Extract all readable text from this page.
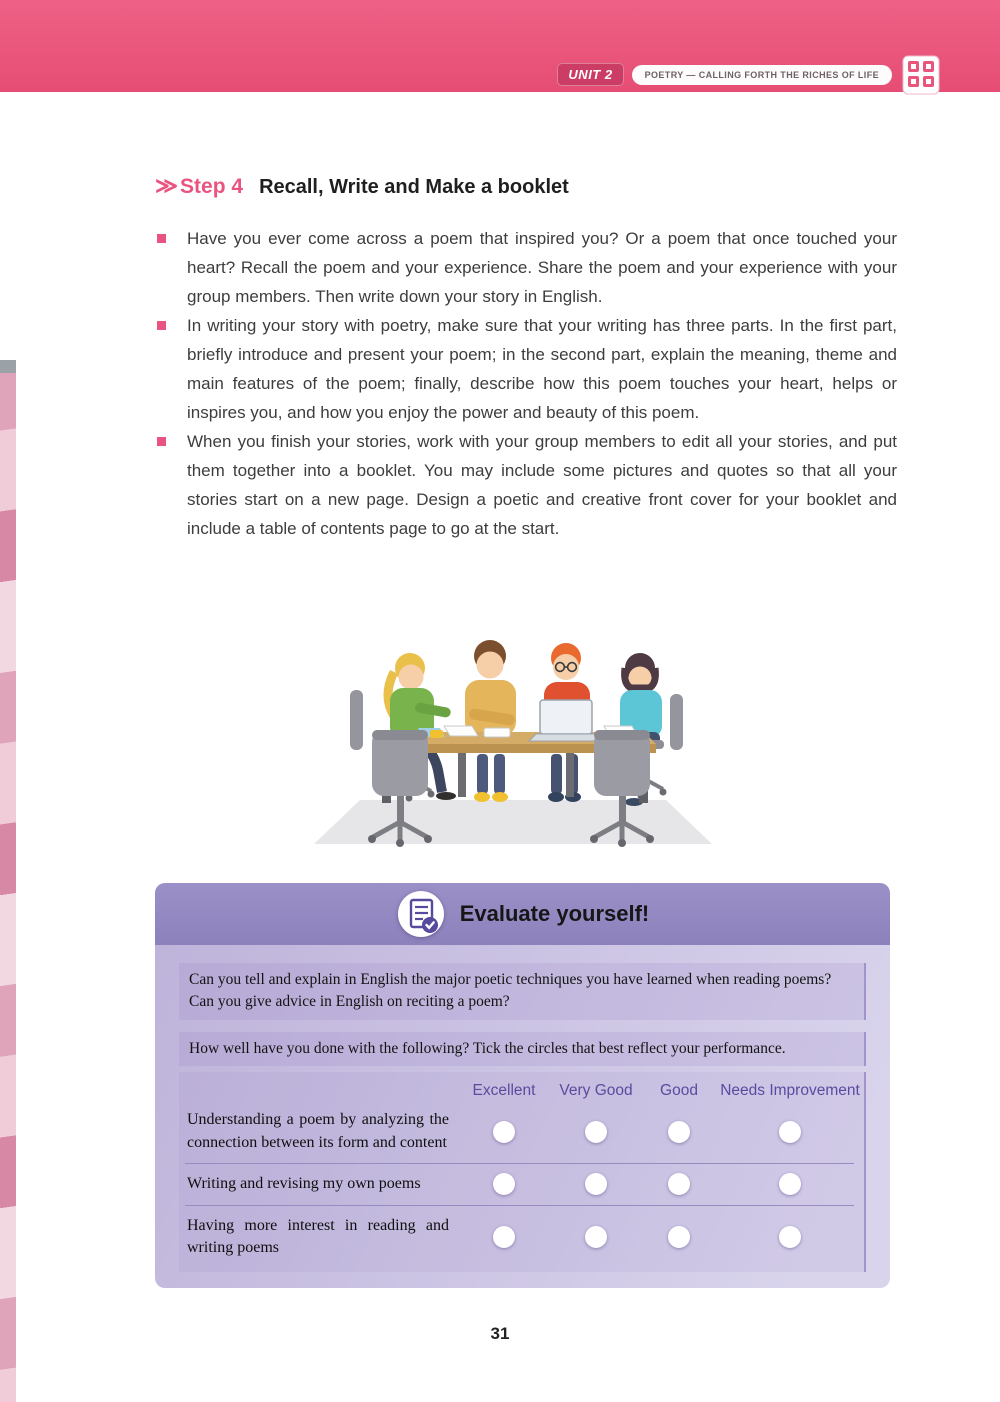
UNIT 2	POETRY — CALLING FORTH THE RICHES OF LIFE
≫ Step 4 Recall, Write and Make a booklet
Have you ever come across a poem that inspired you? Or a poem that once touched your heart? Recall the poem and your experience. Share the poem and your experience with your group members. Then write down your story in English.
In writing your story with poetry, make sure that your writing has three parts. In the first part, briefly introduce and present your poem; in the second part, explain the meaning, theme and main features of the poem; finally, describe how this poem touches your heart, helps or inspires you, and how you enjoy the power and beauty of this poem.
When you finish your stories, work with your group members to edit all your stories, and put them together into a booklet. You may include some pictures and quotes so that all your stories start on a new page. Design a poetic and creative front cover for your booklet and include a table of contents page to go at the start.
Evaluate yourself!
Can you tell and explain in English the major poetic techniques you have learned when reading poems? Can you give advice in English on reciting a poem?
How well have you done with the following? Tick the circles that best reflect your performance.
Excellent	Very Good	Good	Needs Improvement
Understanding a poem by analyzing the connection between its form and content
Writing and revising my own poems
Having more interest in reading and writing poems
31
